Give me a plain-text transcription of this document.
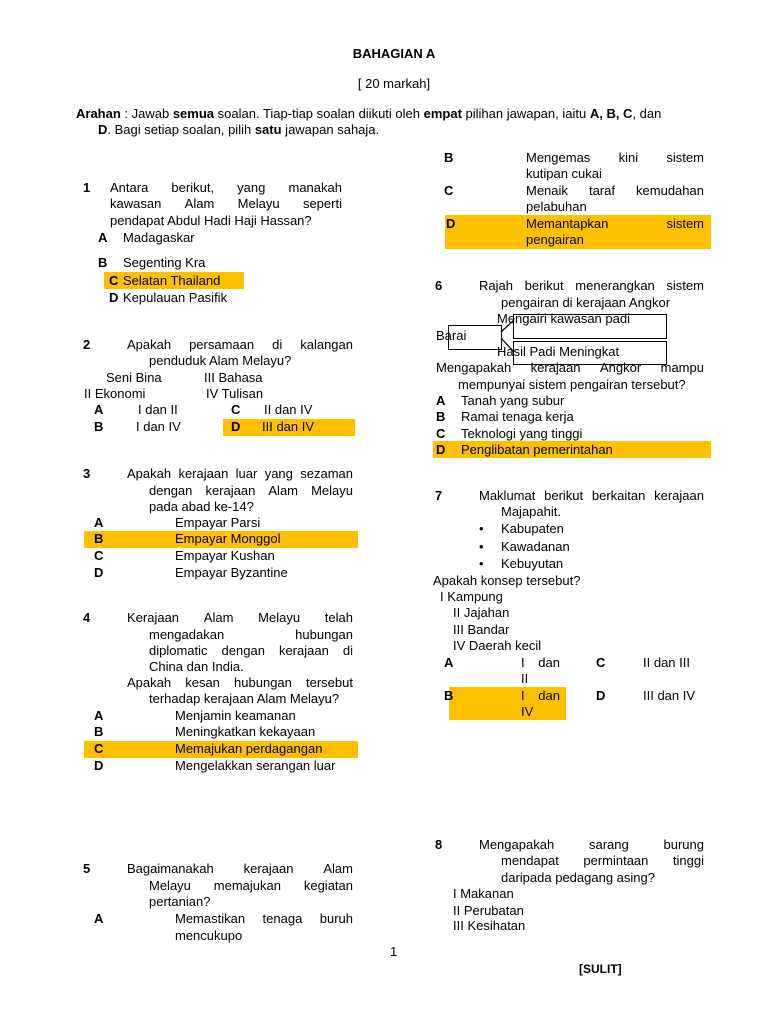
BAHAGIAN A
[ 20 markah]
Arahan : Jawab semua soalan. Tiap-tiap soalan diikuti oleh empat pilihan jawapan, iaitu A, B, C, dan
D. Bagi setiap soalan, pilih satu jawapan sahaja.
1 Antara berikut, yang manakah
kawasan Alam Melayu seperti
pendapat Abdul Hadi Haji Hassan?
A Madagaskar
B Segenting Kra
C Selatan Thailand
D Kepulauan Pasifik
2	Apakah persamaan di kalangan
penduduk Alam Melayu?
Seni Bina	III Bahasa
II Ekonomi	IV Tulisan
A	I dan II	C II dan IV
B	I dan IV	D III dan IV
3	Apakah kerajaan luar yang sezaman
dengan kerajaan Alam Melayu
pada abad ke-14?
A	Empayar Parsi
B	Empayar Monggol
C	Empayar Kushan
D	Empayar Byzantine
4	Kerajaan Alam Melayu telah
mengadakan	hubungan
diplomatic dengan kerajaan di
China dan India.
Apakah kesan hubungan tersebut
terhadap kerajaan Alam Melayu?
A	Menjamin keamanan
B	Meningkatkan kekayaan
C	Memajukan perdagangan
D	Mengelakkan serangan luar
5	Bagaimanakah kerajaan Alam
Melayu memajukan kegiatan
pertanian?
A	Memastikan tenaga buruh
mencukupo
B	Mengemas kini sistem
kutipan cukai
C	Menaik taraf kemudahan
pelabuhan
D	Memantapkan	sistem
pengairan
6	Rajah berikut menerangkan sistem
pengairan di kerajaan Angkor
Mengairi kawasan padi
Barai
Hasil Padi Meningkat
Mengapakah kerajaan Angkor mampu
mempunyai sistem pengairan tersebut?
A Tanah yang subur
B Ramai tenaga kerja
C Teknologi yang tinggi
D Penglibatan pemerintahan
7	Maklumat berikut berkaitan kerajaan
Majapahit.
• Kabupaten
• Kawadanan
• Kebuyutan
Apakah konsep tersebut?
I Kampung
II Jajahan
III Bandar
IV Daerah kecil
A	I dan
II
C	II dan III
B	I dan
IV
D	III dan IV
8	Mengapakah	sarang	burung
mendapat permintaan tinggi
daripada pedagang asing?
I Makanan
II Perubatan
III Kesihatan
1
[SULIT]
